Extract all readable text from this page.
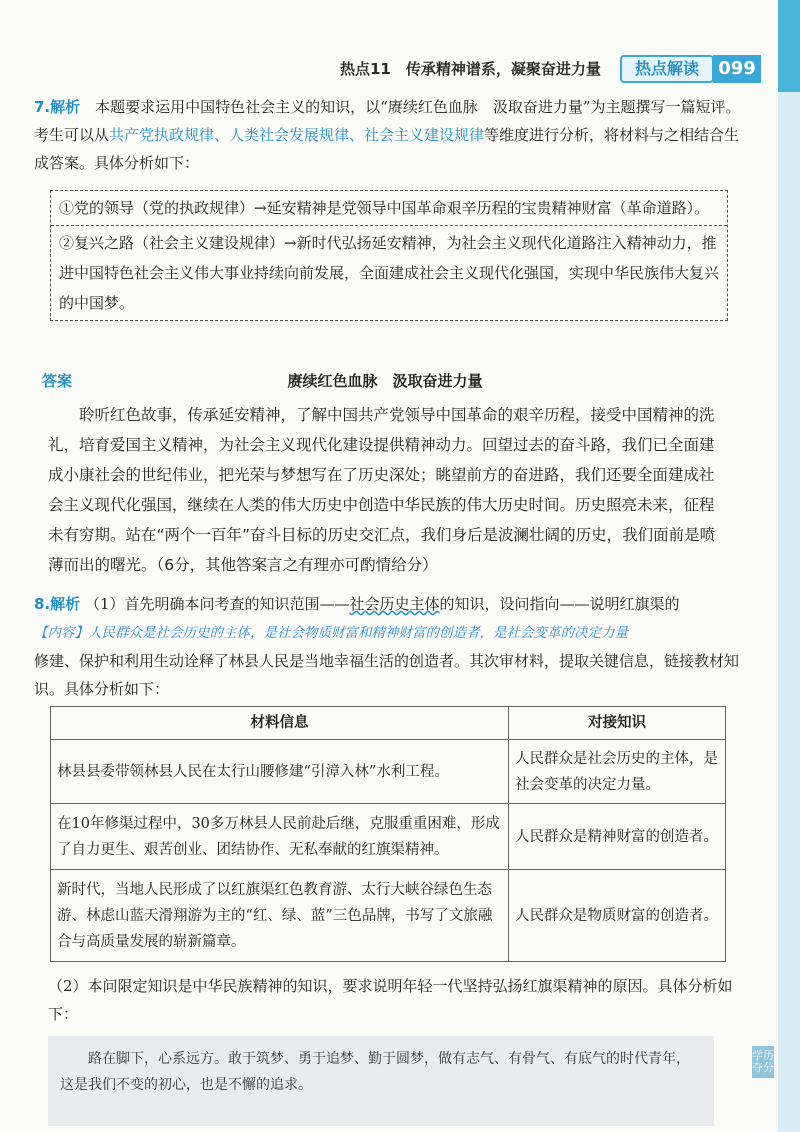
热点11　传承精神谱系，凝聚奋进力量	热点解读	099
7.解析　本题要求运用中国特色社会主义的知识，以“赓续红色血脉　汲取奋进力量”为主题撰写一篇短评。考生可以从共产党执政规律、人类社会发展规律、社会主义建设规律等维度进行分析，将材料与之相结合生成答案。具体分析如下：
①党的领导（党的执政规律）→延安精神是党领导中国革命艰辛历程的宝贵精神财富（革命道路）。
②复兴之路（社会主义建设规律）→新时代弘扬延安精神，为社会主义现代化道路注入精神动力，推进中国特色社会主义伟大事业持续向前发展，全面建成社会主义现代化强国，实现中华民族伟大复兴的中国梦。
答案	赓续红色血脉　汲取奋进力量
聆听红色故事，传承延安精神，了解中国共产党领导中国革命的艰辛历程，接受中国精神的洗礼，培育爱国主义精神，为社会主义现代化建设提供精神动力。回望过去的奋斗路，我们已全面建成小康社会的世纪伟业，把光荣与梦想写在了历史深处；眺望前方的奋进路，我们还要全面建成社会主义现代化强国，继续在人类的伟大历史中创造中华民族的伟大历史时间。历史照亮未来，征程未有穷期。站在“两个一百年”奋斗目标的历史交汇点，我们身后是波澜壮阔的历史，我们面前是喷薄而出的曙光。（6分，其他答案言之有理亦可酌情给分）
8.解析 （1）首先明确本问考查的知识范围——社会历史主体的知识，设问指向——说明红旗渠的
【内容】人民群众是社会历史的主体，是社会物质财富和精神财富的创造者，是社会变革的决定力量
修建、保护和利用生动诠释了林县人民是当地幸福生活的创造者。其次审材料，提取关键信息，链接教材知识。具体分析如下：
材料信息	对接知识
林县县委带领林县人民在太行山腰修建“引漳入林”水利工程。	人民群众是社会历史的主体，是社会变革的决定力量。
在10年修渠过程中，30多万林县人民前赴后继，克服重重困难，形成了自力更生、艰苦创业、团结协作、无私奉献的红旗渠精神。	人民群众是精神财富的创造者。
新时代，当地人民形成了以红旗渠红色教育游、太行大峡谷绿色生态游、林虑山蓝天滑翔游为主的“红、绿、蓝”三色品牌，书写了文旅融合与高质量发展的崭新篇章。	人民群众是物质财富的创造者。
（2）本问限定知识是中华民族精神的知识，要求说明年轻一代坚持弘扬红旗渠精神的原因。具体分析如下：
路在脚下，心系远方。敢于筑梦、勇于追梦、勤于圆梦，做有志气、有骨气、有底气的时代青年，这是我们不变的初心，也是不懈的追求。
学历夺分
